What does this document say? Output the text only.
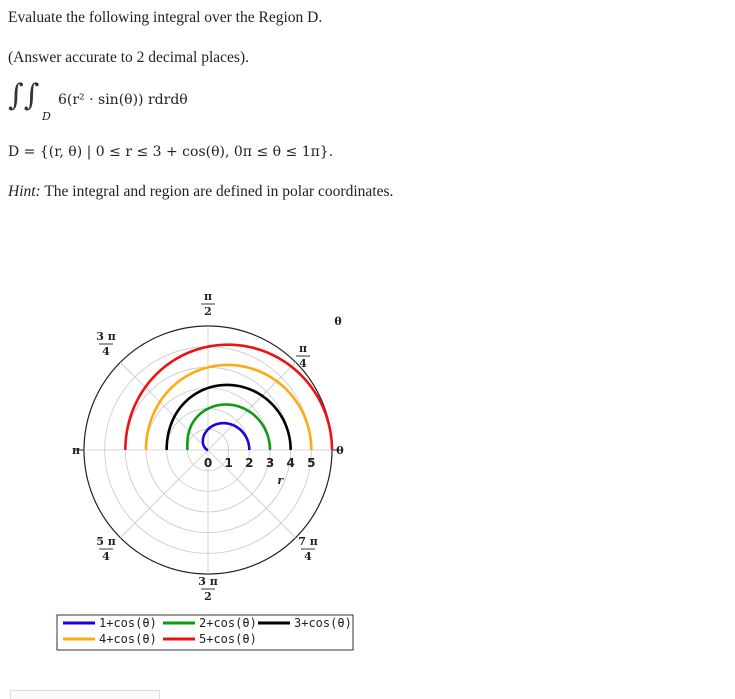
Evaluate the following integral over the Region D.
(Answer accurate to 2 decimal places).
∫∫
D
6(r² · sin(θ)) rdrdθ
D = {(r, θ) | 0 ≤ r ≤ 3 + cos(θ), 0π ≤ θ ≤ 1π}.
Hint: The integral and region are defined in polar coordinates.
0 1 2 3 4 5
r
θ
π
2
π
4
0
7 π
4
3 π
2
5 π
4
π
3 π
4
1+cos(θ)	2+cos(θ)	3+cos(θ)
4+cos(θ)	5+cos(θ)
